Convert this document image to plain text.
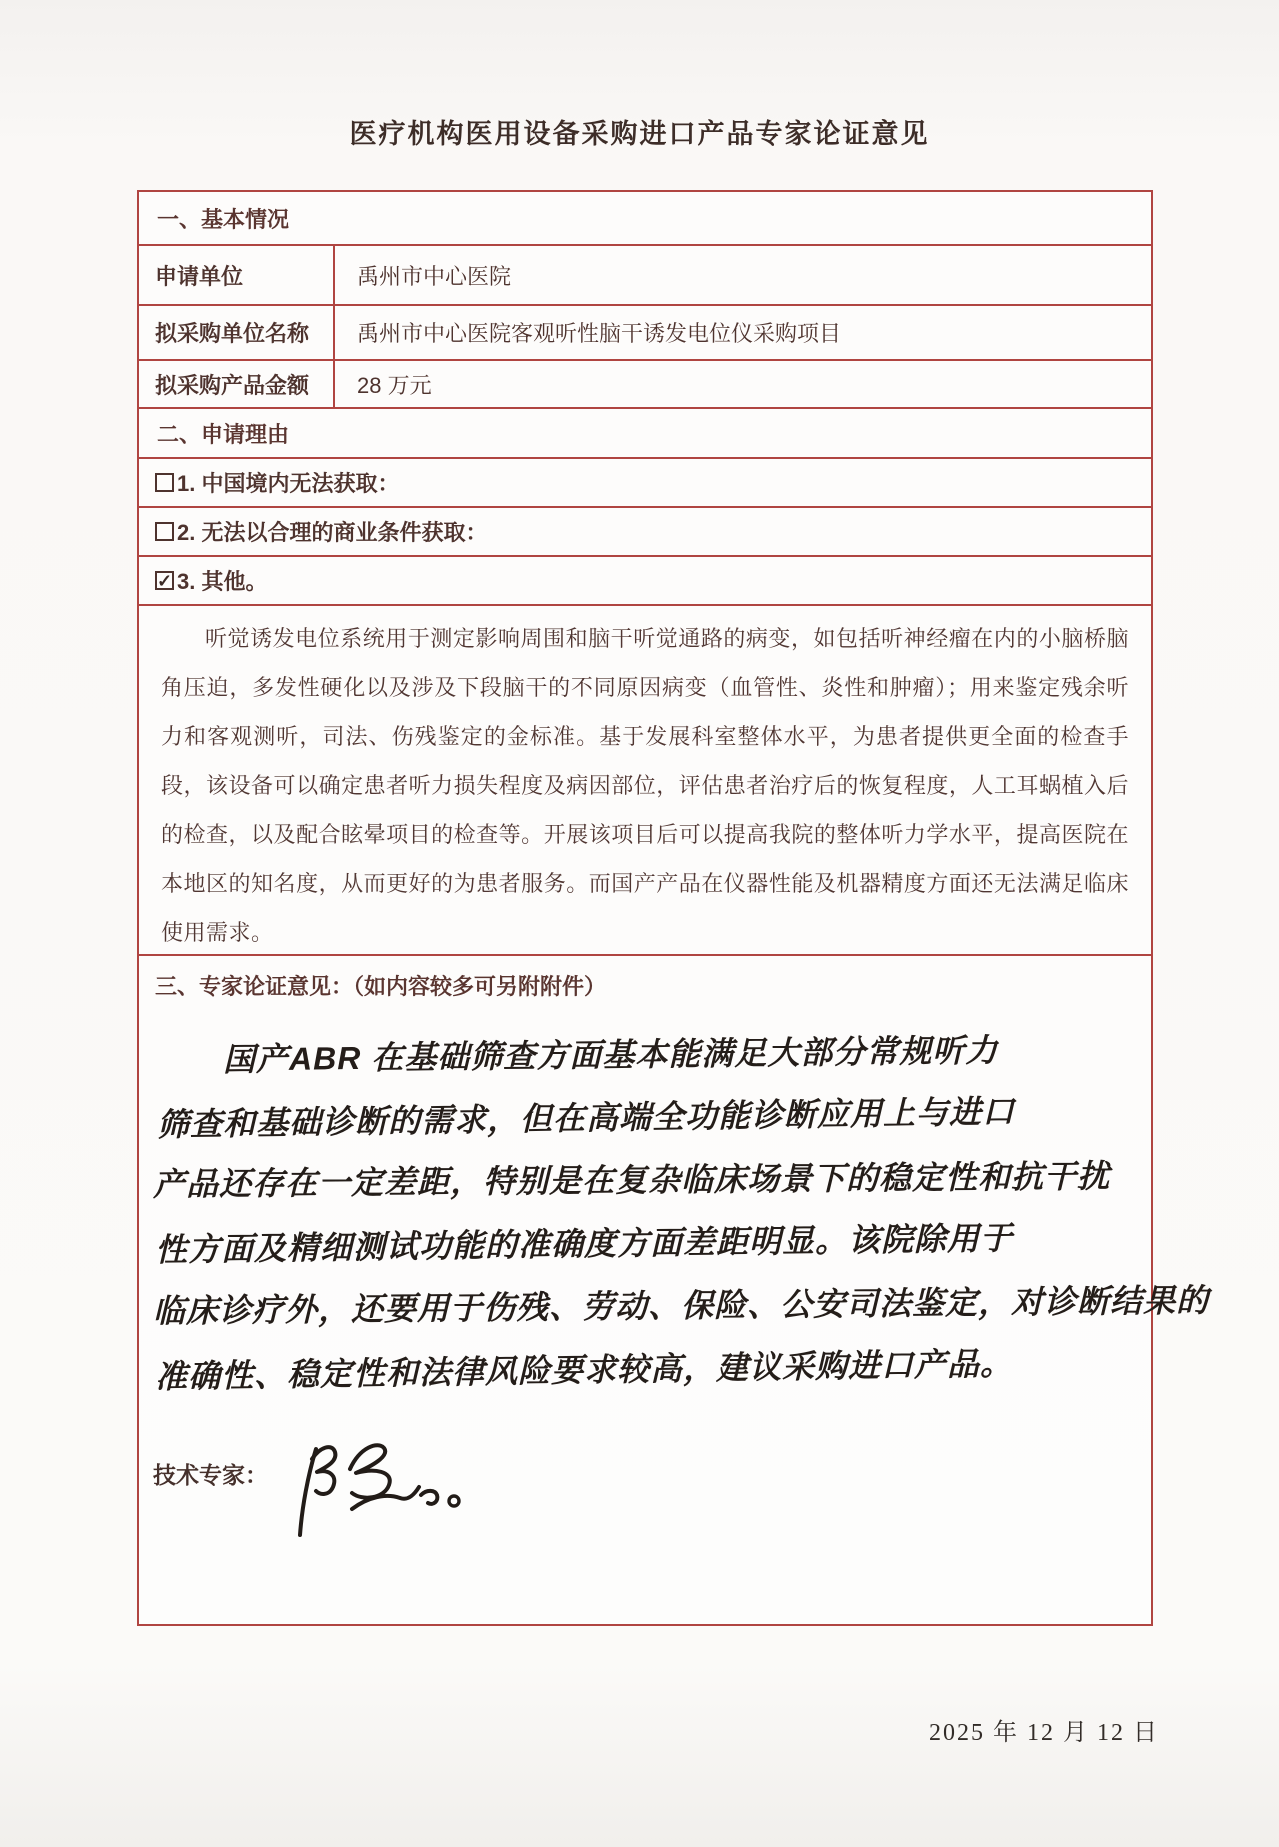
医疗机构医用设备采购进口产品专家论证意见
一、基本情况
申请单位	禹州市中心医院
拟采购单位名称	禹州市中心医院客观听性脑干诱发电位仪采购项目
拟采购产品金额	28 万元
二、申请理由
1. 中国境内无法获取：
2. 无法以合理的商业条件获取：
✓ 3. 其他。

听觉诱发电位系统用于测定影响周围和脑干听觉通路的病变，如包括听神经瘤在内的小脑桥脑角压迫，多发性硬化以及涉及下段脑干的不同原因病变（血管性、炎性和肿瘤）；用来鉴定残余听力和客观测听，司法、伤残鉴定的金标准。基于发展科室整体水平，为患者提供更全面的检查手段，该设备可以确定患者听力损失程度及病因部位，评估患者治疗后的恢复程度，人工耳蜗植入后的检查，以及配合眩晕项目的检查等。开展该项目后可以提高我院的整体听力学水平，提高医院在本地区的知名度，从而更好的为患者服务。而国产产品在仪器性能及机器精度方面还无法满足临床使用需求。

三、专家论证意见：（如内容较多可另附附件）
国产ABR 在基础筛查方面基本能满足大部分常规听力
筛查和基础诊断的需求，但在高端全功能诊断应用上与进口
产品还存在一定差距，特别是在复杂临床场景下的稳定性和抗干扰
性方面及精细测试功能的准确度方面差距明显。该院除用于
临床诊疗外，还要用于伤残、劳动、保险、公安司法鉴定，对诊断结果的
准确性、稳定性和法律风险要求较高，建议采购进口产品。
技术专家：
2025 年 12 月 12 日
